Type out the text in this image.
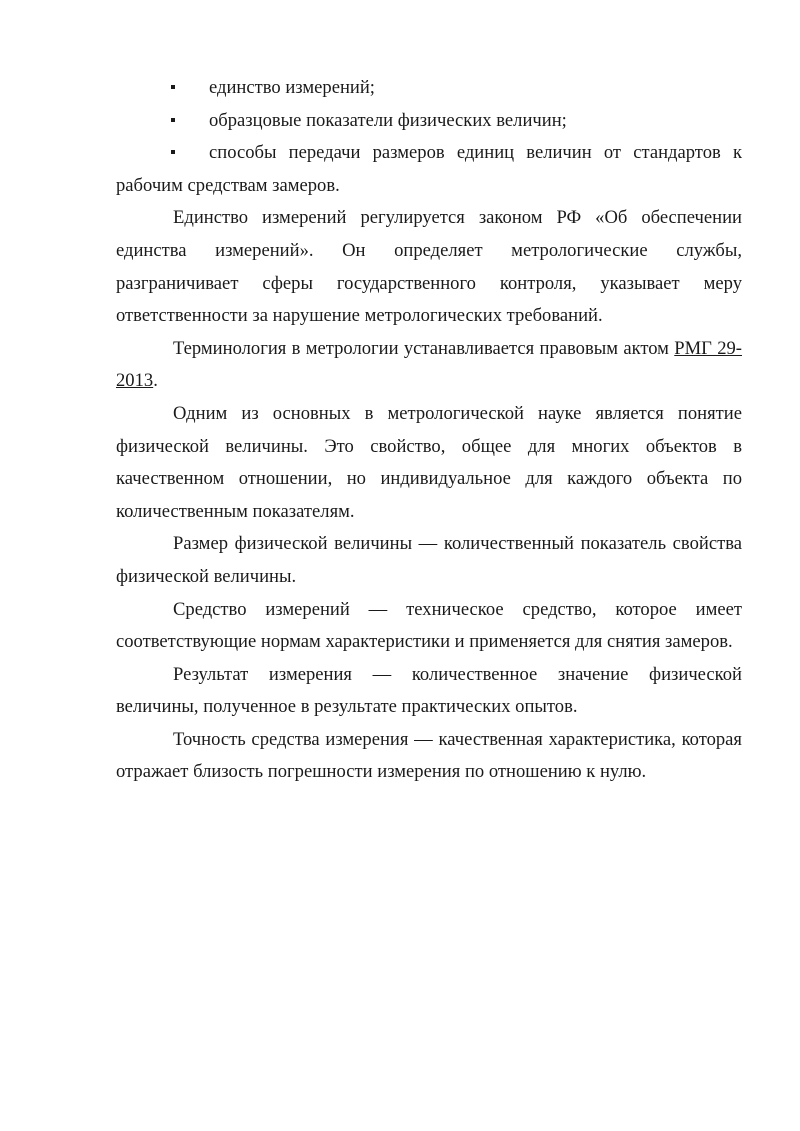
единство измерений;
образцовые показатели физических величин;
способы передачи размеров единиц величин от стандартов к рабочим средствам замеров.

Единство измерений регулируется законом РФ «Об обеспечении единства измерений». Он определяет метрологические службы, разграничивает сферы государственного контроля, указывает меру ответственности за нарушение метрологических требований.

Терминология в метрологии устанавливается правовым актом РМГ 29-2013.

Одним из основных в метрологической науке является понятие физической величины. Это свойство, общее для многих объектов в качественном отношении, но индивидуальное для каждого объекта по количественным показателям.

Размер физической величины — количественный показатель свойства физической величины.

Средство измерений — техническое средство, которое имеет соответствующие нормам характеристики и применяется для снятия замеров.

Результат измерения — количественное значение физической величины, полученное в результате практических опытов.

Точность средства измерения — качественная характеристика, которая отражает близость погрешности измерения по отношению к нулю.
